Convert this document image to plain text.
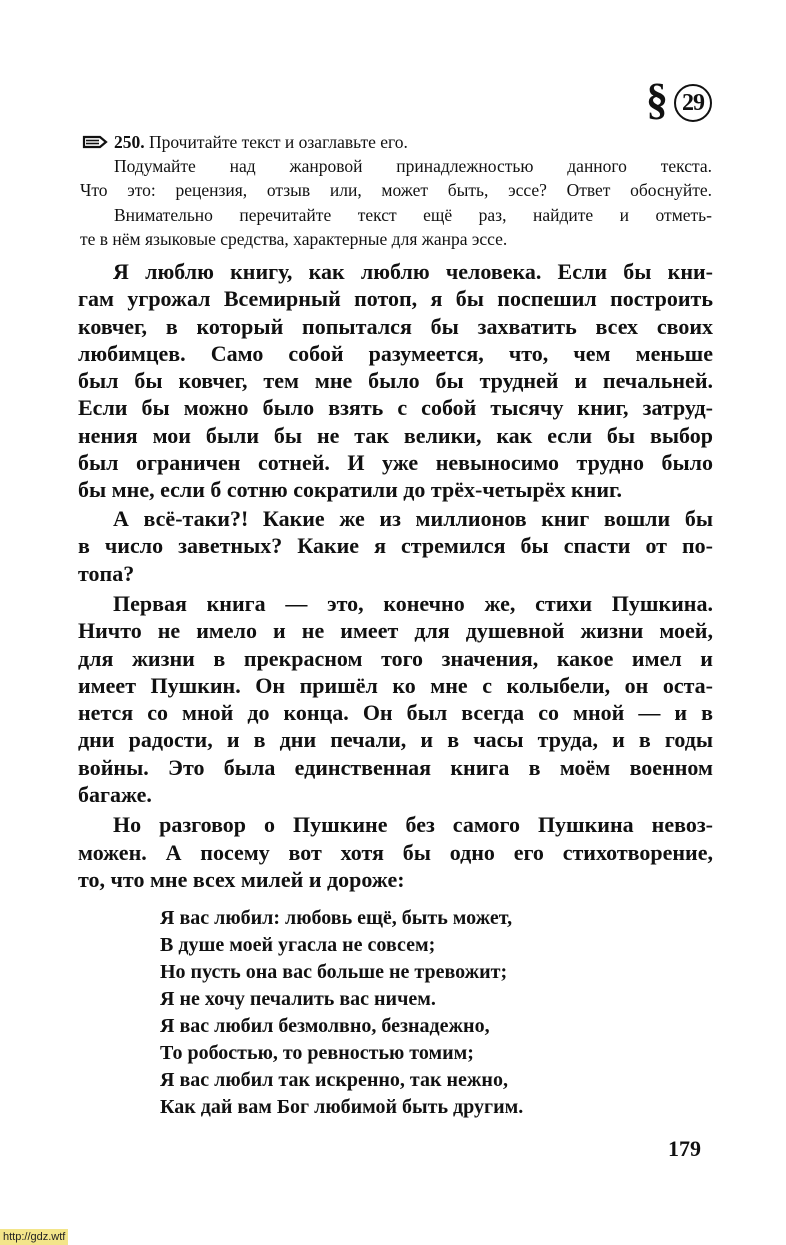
§ 29
250. Прочитайте текст и озаглавьте его.
Подумайте над жанровой принадлежностью данного текста.
Что это: рецензия, отзыв или, может быть, эссе? Ответ обоснуйте.
Внимательно перечитайте текст ещё раз, найдите и отметь-
те в нём языковые средства, характерные для жанра эссе.
Я люблю книгу, как люблю человека. Если бы кни-
гам угрожал Всемирный потоп, я бы поспешил построить
ковчег, в который попытался бы захватить всех своих
любимцев. Само собой разумеется, что, чем меньше
был бы ковчег, тем мне было бы трудней и печальней.
Если бы можно было взять с собой тысячу книг, затруд-
нения мои были бы не так велики, как если бы выбор
был ограничен сотней. И уже невыносимо трудно было
бы мне, если б сотню сократили до трёх-четырёх книг.
А всё-таки?! Какие же из миллионов книг вошли бы
в число заветных? Какие я стремился бы спасти от по-
топа?
Первая книга — это, конечно же, стихи Пушкина.
Ничто не имело и не имеет для душевной жизни моей,
для жизни в прекрасном того значения, какое имел и
имеет Пушкин. Он пришёл ко мне с колыбели, он оста-
нется со мной до конца. Он был всегда со мной — и в
дни радости, и в дни печали, и в часы труда, и в годы
войны. Это была единственная книга в моём военном
багаже.
Но разговор о Пушкине без самого Пушкина невоз-
можен. А посему вот хотя бы одно его стихотворение,
то, что мне всех милей и дороже:
Я вас любил: любовь ещё, быть может,
В душе моей угасла не совсем;
Но пусть она вас больше не тревожит;
Я не хочу печалить вас ничем.
Я вас любил безмолвно, безнадежно,
То робостью, то ревностью томим;
Я вас любил так искренно, так нежно,
Как дай вам Бог любимой быть другим.
179
http://gdz.wtf
